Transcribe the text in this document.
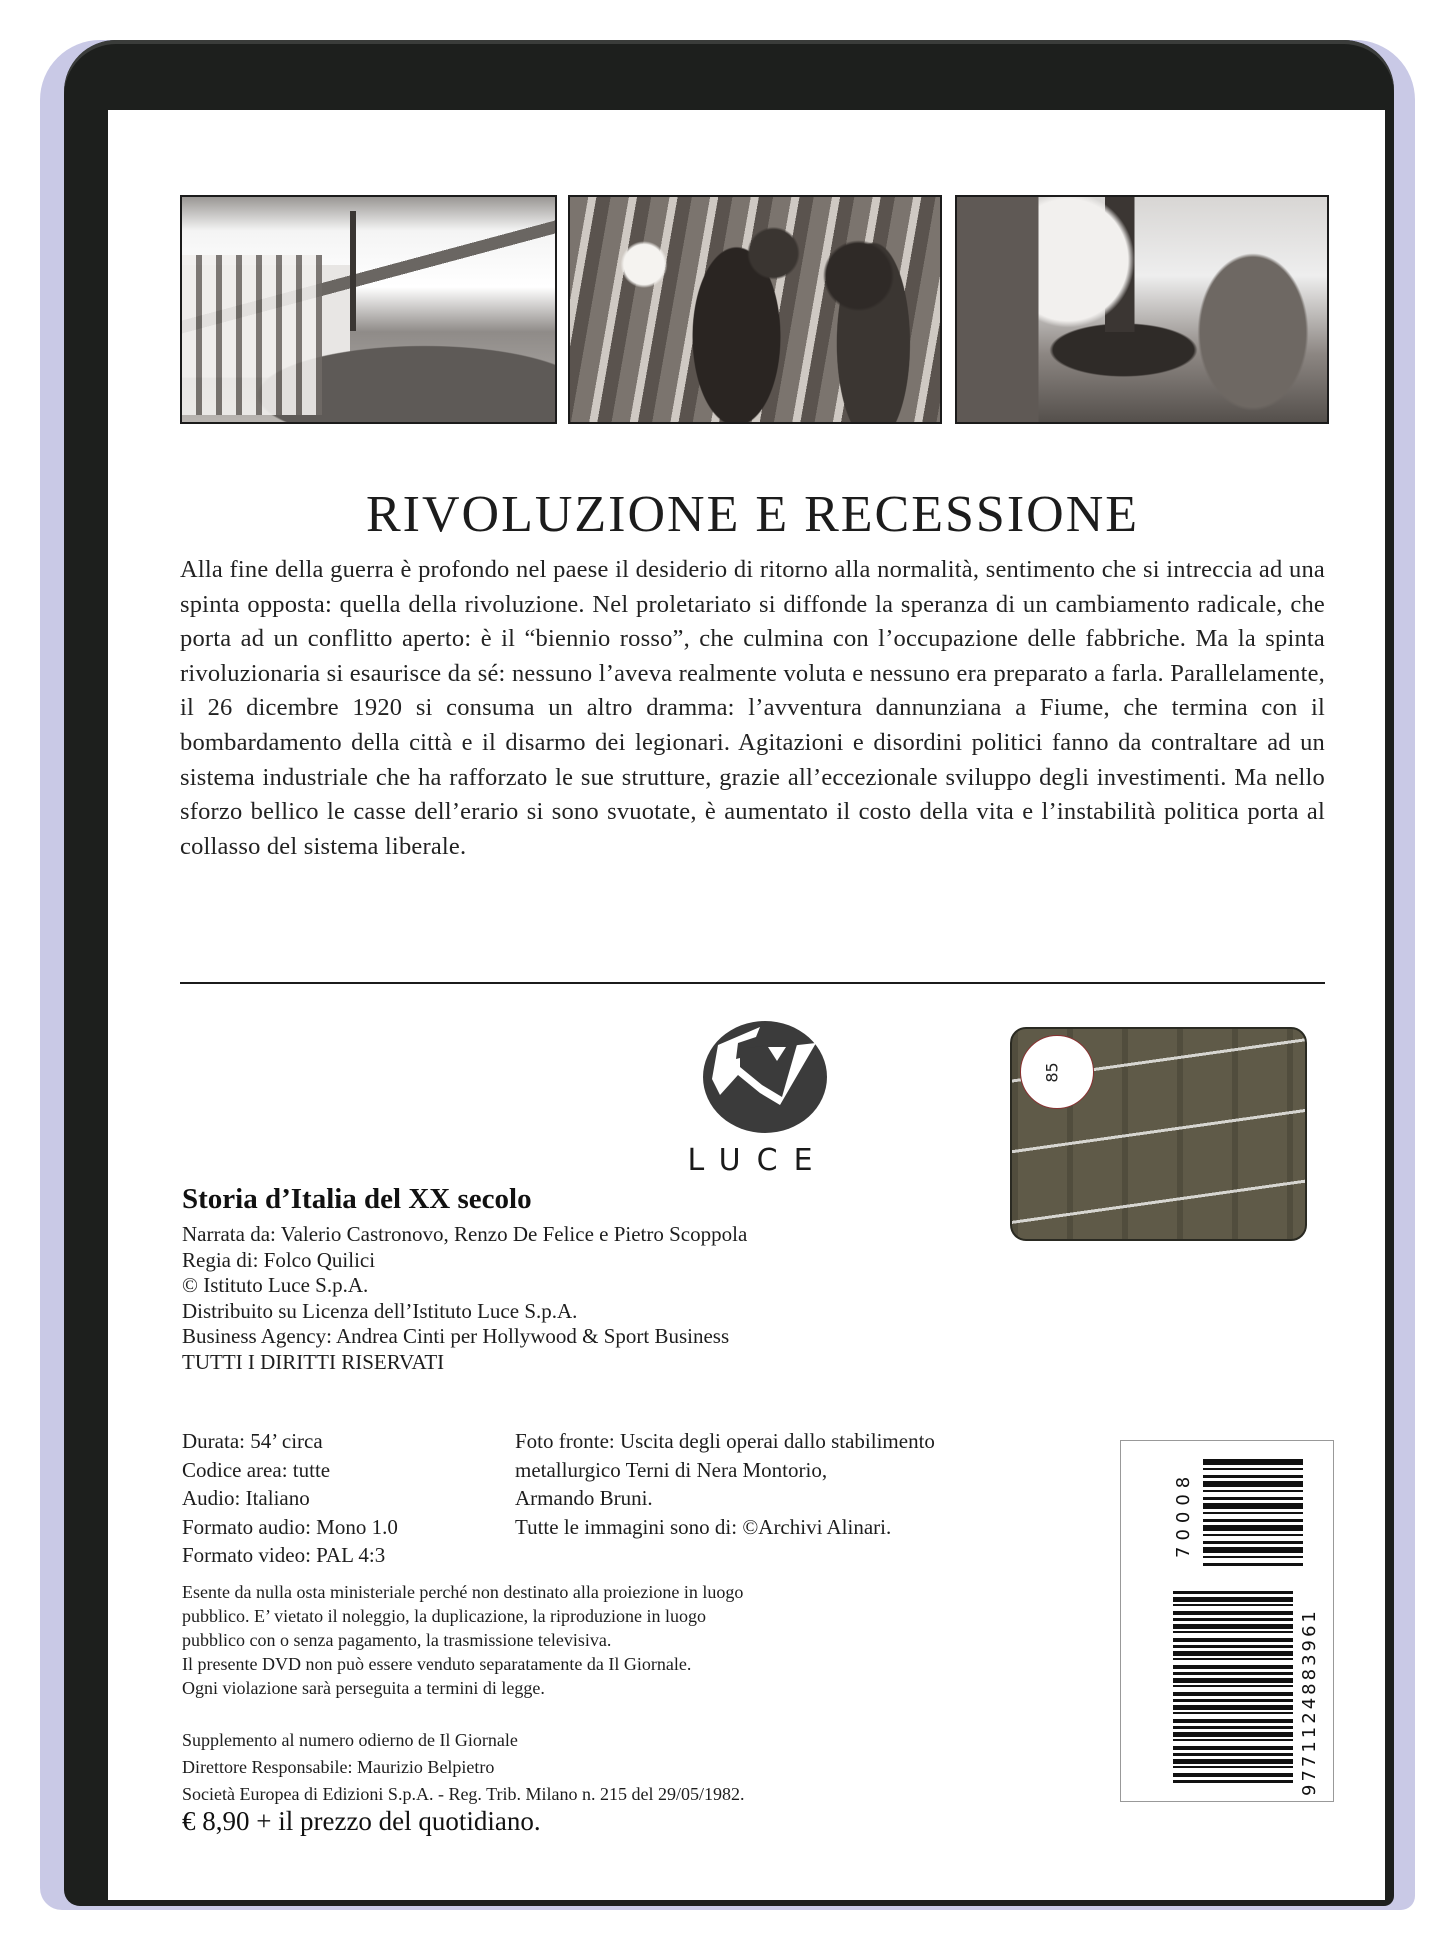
RIVOLUZIONE E RECESSIONE

Alla fine della guerra è profondo nel paese il desiderio di ritorno alla normalità, sentimento che si intreccia ad una spinta opposta: quella della rivoluzione. Nel proletariato si diffonde la speranza di un cambiamento radicale, che porta ad un conflitto aperto: è il “biennio rosso”, che culmina con l’occupazione delle fabbriche. Ma la spinta rivoluzionaria si esaurisce da sé: nessuno l’aveva realmente voluta e nessuno era preparato a farla. Parallelamente, il 26 dicembre 1920 si consuma un altro dramma: l’avventura dannunziana a Fiume, che termina con il bombardamento della città e il disarmo dei legionari. Agitazioni e disordini politici fanno da contraltare ad un sistema industriale che ha rafforzato le sue strutture, grazie all’eccezionale sviluppo degli investimenti. Ma nello sforzo bellico le casse dell’erario si sono svuotate, è aumentato il costo della vita e l’instabilità politica porta al collasso del sistema liberale.

LUCE
85
Storia d’Italia del XX secolo
Narrata da: Valerio Castronovo, Renzo De Felice e Pietro Scoppola
Regia di: Folco Quilici
© Istituto Luce S.p.A.
Distribuito su Licenza dell’Istituto Luce S.p.A.
Business Agency: Andrea Cinti per Hollywood & Sport Business
TUTTI I DIRITTI RISERVATI
Durata: 54’ circa
Codice area: tutte
Audio: Italiano
Formato audio: Mono 1.0
Formato video: PAL 4:3
Foto fronte: Uscita degli operai dallo stabilimento
metallurgico Terni di Nera Montorio,
Armando Bruni.
Tutte le immagini sono di: ©Archivi Alinari.
Esente da nulla osta ministeriale perché non destinato alla proiezione in luogo
pubblico. E’ vietato il noleggio, la duplicazione, la riproduzione in luogo
pubblico con o senza pagamento, la trasmissione televisiva.
Il presente DVD non può essere venduto separatamente da Il Giornale.
Ogni violazione sarà perseguita a termini di legge.
Supplemento al numero odierno de Il Giornale
Direttore Responsabile: Maurizio Belpietro
Società Europea di Edizioni S.p.A. - Reg. Trib. Milano n. 215 del 29/05/1982.
€ 8,90 + il prezzo del quotidiano.
70008
9771124883961
